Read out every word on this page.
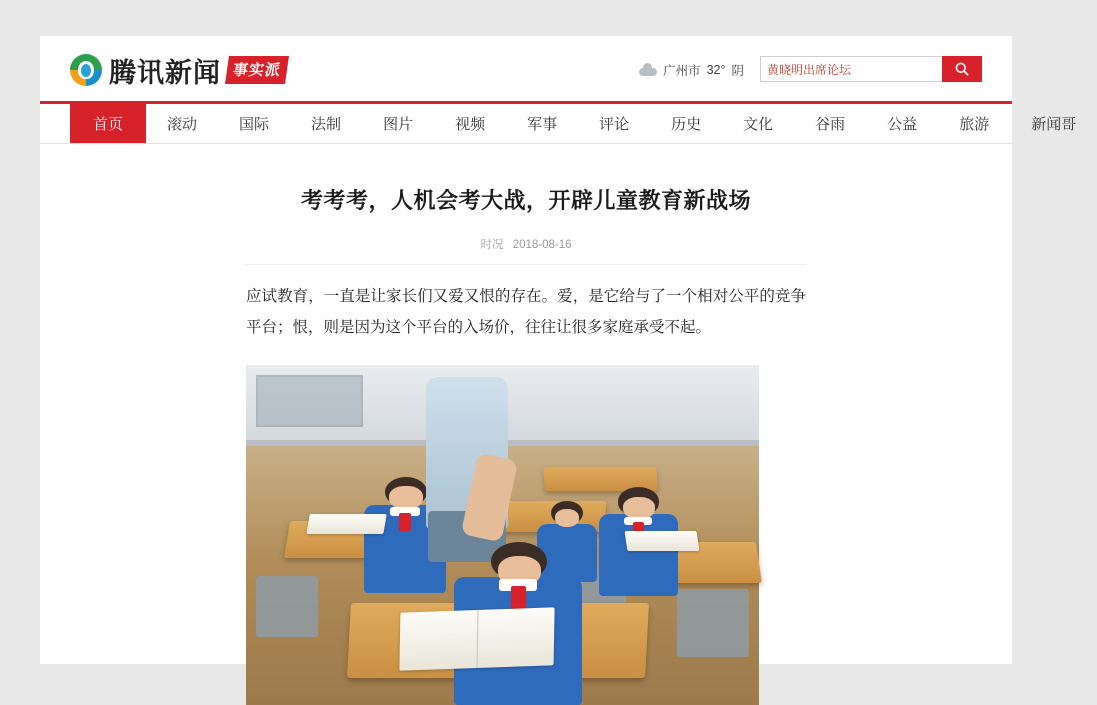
腾讯新闻 事实派	广州市 32° 阴
黄晓明出席论坛
首页	滚动	国际	法制	图片	视频	军事	评论	历史	文化	谷雨	公益	旅游	新闻哥
考考考，人机会考大战，开辟儿童教育新战场
时况 2018-08-16

应试教育，一直是让家长们又爱又恨的存在。爱，是它给与了一个相对公平的竞争平台；恨，则是因为这个平台的入场价，往往让很多家庭承受不起。
